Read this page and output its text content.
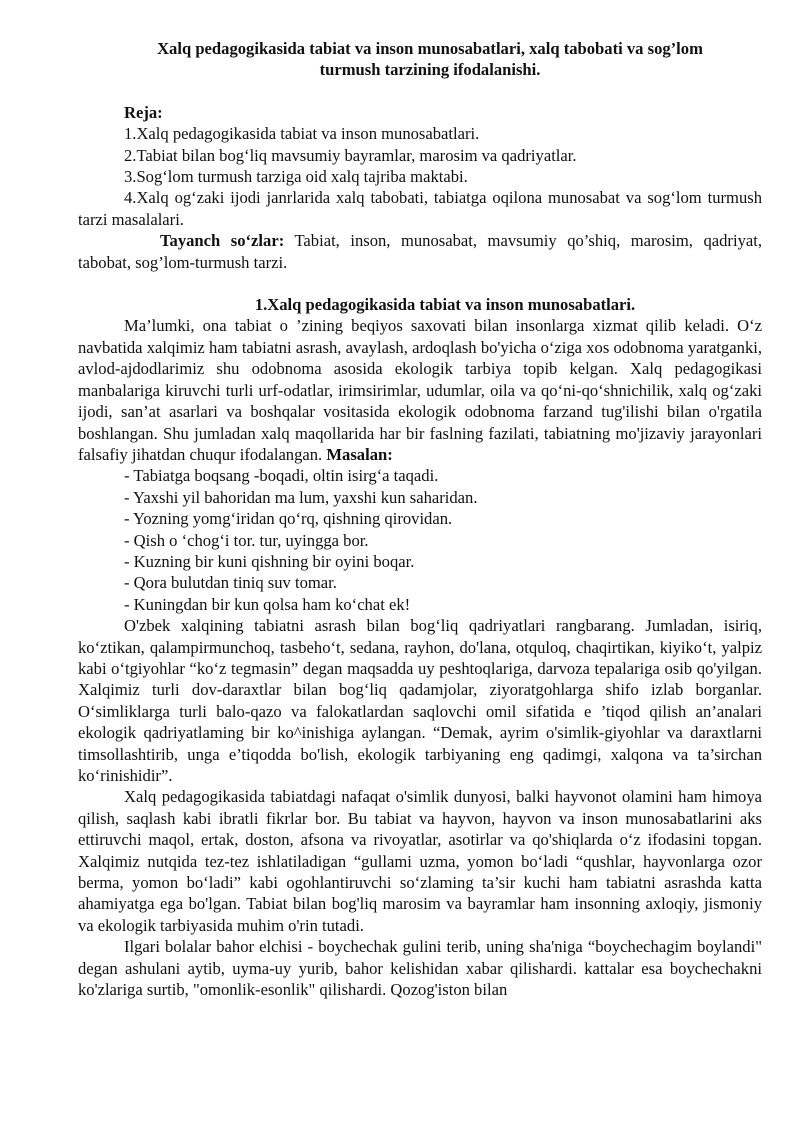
Xalq pedagogikasida tabiat va inson munosabatlari, xalq tabobati va sog’lom
turmush tarzining ifodalanishi.

Reja:

1.Xalq pedagogikasida tabiat va inson munosabatlari.

2.Tabiat bilan bog‘liq mavsumiy bayramlar, marosim va qadriyatlar.

3.Sog‘lom turmush tarziga oid xalq tajriba maktabi.

4.Xalq og‘zaki ijodi janrlarida xalq tabobati, tabiatga oqilona munosabat va sog‘lom turmush tarzi masalalari.

Tayanch so‘zlar: Tabiat, inson, munosabat, mavsumiy qo’shiq, marosim, qadriyat, tabobat, sog’lom-turmush tarzi.

1.Xalq pedagogikasida tabiat va inson munosabatlari.

Ma’lumki, ona tabiat o ’zining beqiyos saxovati bilan insonlarga xizmat qilib keladi. O‘z navbatida xalqimiz ham tabiatni asrash, avaylash, ardoqlash bo'yicha o‘ziga xos odobnoma yaratganki, avlod-ajdodlarimiz shu odobnoma asosida ekologik tarbiya topib kelgan. Xalq pedagogikasi manbalariga kiruvchi turli urf-odatlar, irimsirimlar, udumlar, oila va qo‘ni-qo‘shnichilik, xalq og‘zaki ijodi, san’at asarlari va boshqalar vositasida ekologik odobnoma farzand tug'ilishi bilan o'rgatila boshlangan. Shu jumladan xalq maqollarida har bir faslning fazilati, tabiatning mo'jizaviy jarayonlari falsafiy jihatdan chuqur ifodalangan. Masalan:

- Tabiatga boqsang -boqadi, oltin isirg‘a taqadi.
- Yaxshi yil bahoridan ma lum, yaxshi kun saharidan.
- Yozning yomg‘iridan qo‘rq, qishning qirovidan.
- Qish o ‘chog‘i tor. tur, uyingga bor.
- Kuzning bir kuni qishning bir oyini boqar.
- Qora bulutdan tiniq suv tomar.
- Kuningdan bir kun qolsa ham ko‘chat ek!

O'zbek xalqining tabiatni asrash bilan bog‘liq qadriyatlari rangbarang. Jumladan, isiriq, ko‘ztikan, qalampirmunchoq, tasbeho‘t, sedana, rayhon, do'lana, otquloq, chaqirtikan, kiyiko‘t, yalpiz kabi o‘tgiyohlar “ko‘z tegmasin” degan maqsadda uy peshtoqlariga, darvoza tepalariga osib qo'yilgan. Xalqimiz turli dov-daraxtlar bilan bog‘liq qadamjolar, ziyoratgohlarga shifo izlab borganlar. O‘simliklarga turli balo-qazo va falokatlardan saqlovchi omil sifatida e ’tiqod qilish an’analari ekologik qadriyatlaming bir ko^inishiga aylangan. “Demak, ayrim o'simlik-giyohlar va daraxtlarni timsollashtirib, unga e’tiqodda bo'lish, ekologik tarbiyaning eng qadimgi, xalqona va ta’sirchan ko‘rinishidir”.

Xalq pedagogikasida tabiatdagi nafaqat o'simlik dunyosi, balki hayvonot olamini ham himoya qilish, saqlash kabi ibratli fikrlar bor. Bu tabiat va hayvon, hayvon va inson munosabatlarini aks ettiruvchi maqol, ertak, doston, afsona va rivoyatlar, asotirlar va qo'shiqlarda o‘z ifodasini topgan. Xalqimiz nutqida tez-tez ishlatiladigan “gullami uzma, yomon bo‘ladi “qushlar, hayvonlarga ozor berma, yomon bo‘ladi” kabi ogohlantiruvchi so‘zlaming ta’sir kuchi ham tabiatni asrashda katta ahamiyatga ega bo'lgan. Tabiat bilan bog'liq marosim va bayramlar ham insonning axloqiy, jismoniy va ekologik tarbiyasida muhim o'rin tutadi.

Ilgari bolalar bahor elchisi - boychechak gulini terib, uning sha'niga “boychechagim boylandi" degan ashulani aytib, uyma-uy yurib, bahor kelishidan xabar qilishardi. kattalar esa boychechakni ko'zlariga surtib, "omonlik-esonlik" qilishardi. Qozog'iston bilan
